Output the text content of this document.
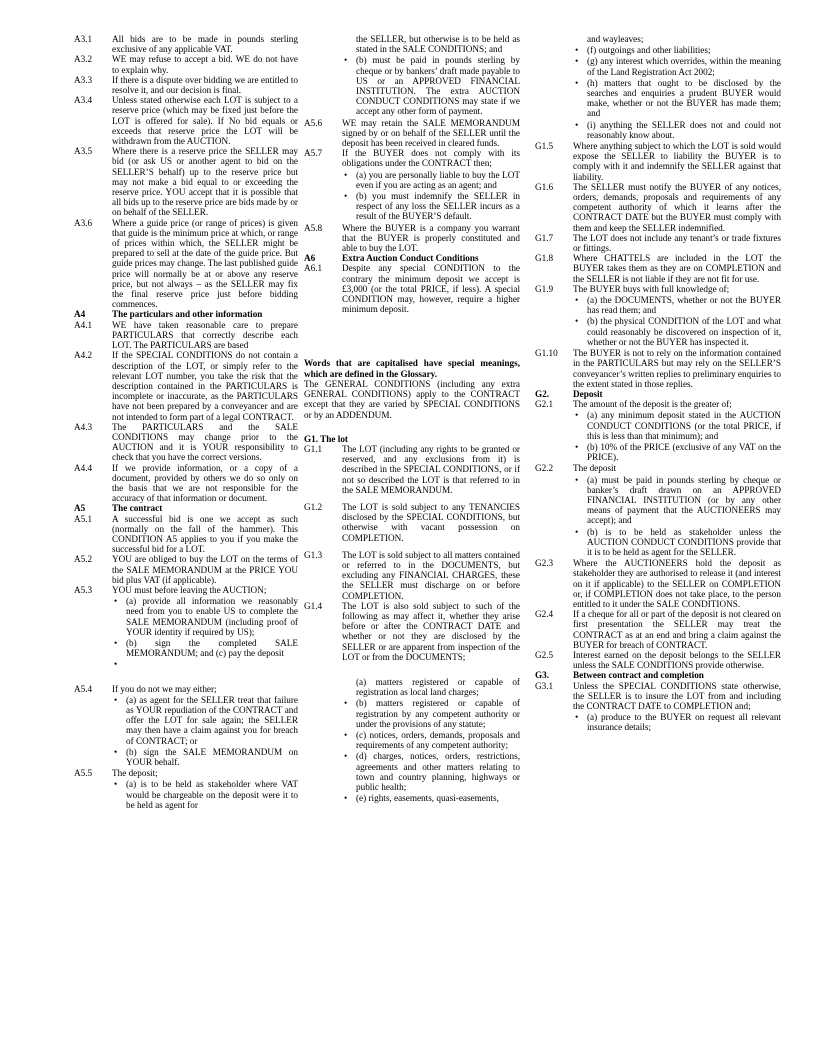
A3.1	All bids are to be made in pounds sterling exclusive of any applicable VAT.
A3.2	WE may refuse to accept a bid. WE do not have to explain why.
A3.3	If there is a dispute over bidding we are entitled to resolve it, and our decision is final.
A3.4	Unless stated otherwise each LOT is subject to a reserve price (which may be fixed just before the LOT is offered for sale). If No bid equals or exceeds that reserve price the LOT will be withdrawn from the AUCTION.
A3.5	Where there is a reserve price the SELLER may bid (or ask US or another agent to bid on the SELLER’S behalf) up to the reserve price but may not make a bid equal to or exceeding the reserve price. YOU accept that it is possible that all bids up to the reserve price are bids made by or on behalf of the SELLER.
A3.6	Where a guide price (or range of prices) is given that guide is the minimum price at which, or range of prices within which, the SELLER might be prepared to sell at the date of the guide price. But guide prices may change. The last published guide price will normally be at or above any reserve price, but not always – as the SELLER may fix the final reserve price just before bidding commences.
A4	The particulars and other information
A4.1	WE have taken reasonable care to prepare PARTICULARS that correctly describe each LOT. The PARTICULARS are based
A4.2	If the SPECIAL CONDITIONS do not contain a description of the LOT, or simply refer to the relevant LOT number, you take the risk that the description contained in the PARTICULARS is incomplete or inaccurate, as the PARTICULARS have not been prepared by a conveyancer and are not intended to form part of a legal CONTRACT.
A4.3	The PARTICULARS and the SALE CONDITIONS may change prior to the AUCTION and it is YOUR responsibility to check that you have the correct versions.
A4.4	If we provide information, or a copy of a document, provided by others we do so only on the basis that we are not responsible for the accuracy of that information or document.
A5	The contract
A5.1	A successful bid is one we accept as such (normally on the fall of the hammer). This CONDITION A5 applies to you if you make the successful bid for a LOT.
A5.2	YOU are obliged to buy the LOT on the terms of the SALE MEMORANDUM at the PRICE YOU bid plus VAT (if applicable).
A5.3	YOU must before leaving the AUCTION;
• (a) provide all information we reasonably need from you to enable US to complete the SALE MEMORANDUM (including proof of YOUR identity if required by US);
• (b) sign the completed SALE MEMORANDUM; and (c) pay the deposit
•
A5.4	If you do not we may either;
• (a) as agent for the SELLER treat that failure as YOUR repudiation of the CONTRACT and offer the LOT for sale again; the SELLER may then have a claim against you for breach of CONTRACT; or
• (b) sign the SALE MEMORANDUM on YOUR behalf.
A5.5	The deposit;
• (a) is to be held as stakeholder where VAT would be chargeable on the deposit were it to be held as agent for
the SELLER, but otherwise is to be held as stated in the SALE CONDITIONS; and
• (b) must be paid in pounds sterling by cheque or by bankers’ draft made payable to US or an APPROVED FINANCIAL INSTITUTION. The extra AUCTION CONDUCT CONDITIONS may state if we accept any other form of payment.
A5.6	WE may retain the SALE MEMORANDUM signed by or on behalf of the SELLER until the deposit has been received in cleared funds.
A5.7	If the BUYER does not comply with its obligations under the CONTRACT then;
• (a) you are personally liable to buy the LOT even if you are acting as an agent; and
• (b) you must indemnify the SELLER in respect of any loss the SELLER incurs as a result of the BUYER’S default.
A5.8	Where the BUYER is a company you warrant that the BUYER is properly constituted and able to buy the LOT.
A6	Extra Auction Conduct Conditions
A6.1	Despite any special CONDITION to the contrary the minimum deposit we accept is £3,000 (or the total PRICE, if less). A special CONDITION may, however, require a higher minimum deposit.
Words that are capitalised have special meanings, which are defined in the Glossary.
The GENERAL CONDITIONS (including any extra GENERAL CONDITIONS) apply to the CONTRACT except that they are varied by SPECIAL CONDITIONS or by an ADDENDUM.
G1. The lot
G1.1	The LOT (including any rights to be granted or reserved, and any exclusions from it) is described in the SPECIAL CONDITIONS, or if not so described the LOT is that referred to in the SALE MEMORANDUM.
G1.2	The LOT is sold subject to any TENANCIES disclosed by the SPECIAL CONDITIONS, but otherwise with vacant possession on COMPLETION.
G1.3	The LOT is sold subject to all matters contained or referred to in the DOCUMENTS, but excluding any FINANCIAL CHARGES, these the SELLER must discharge on or before COMPLETION.
G1.4	The LOT is also sold subject to such of the following as may affect it, whether they arise before or after the CONTRACT DATE and whether or not they are disclosed by the SELLER or are apparent from inspection of the LOT or from the DOCUMENTS;
(a) matters registered or capable of registration as local land charges;
• (b) matters registered or capable of registration by any competent authority or under the provisions of any statute;
• (c) notices, orders, demands, proposals and requirements of any competent authority;
• (d) charges, notices, orders, restrictions, agreements and other matters relating to town and country planning, highways or public health;
• (e) rights, easements, quasi-easements,
and wayleaves;
• (f) outgoings and other liabilities;
• (g) any interest which overrides, within the meaning of the Land Registration Act 2002;
• (h) matters that ought to be disclosed by the searches and enquiries a prudent BUYER would make, whether or not the BUYER has made them; and
• (i) anything the SELLER does not and could not reasonably know about.
G1.5	Where anything subject to which the LOT is sold would expose the SELLER to liability the BUYER is to comply with it and indemnify the SELLER against that liability.
G1.6	The SELLER must notify the BUYER of any notices, orders, demands, proposals and requirements of any competent authority of which it learns after the CONTRACT DATE but the BUYER must comply with them and keep the SELLER indemnified.
G1.7	The LOT does not include any tenant’s or trade fixtures or fittings.
G1.8	Where CHATTELS are included in the LOT the BUYER takes them as they are on COMPLETION and the SELLER is not liable if they are not fit for use.
G1.9	The BUYER buys with full knowledge of;
• (a) the DOCUMENTS, whether or not the BUYER has read them; and
• (b) the physical CONDITION of the LOT and what could reasonably be discovered on inspection of it, whether or not the BUYER has inspected it.
G1.10	The BUYER is not to rely on the information contained in the PARTICULARS but may rely on the SELLER’S conveyancer’s written replies to preliminary enquiries to the extent stated in those replies.
G2.	Deposit
G2.1	The amount of the deposit is the greater of;
• (a) any minimum deposit stated in the AUCTION CONDUCT CONDITIONS (or the total PRICE, if this is less than that minimum); and
• (b) 10% of the PRICE (exclusive of any VAT on the PRICE).
G2.2	The deposit
• (a) must be paid in pounds sterling by cheque or banker’s draft drawn on an APPROVED FINANCIAL INSTITUTION (or by any other means of payment that the AUCTIONEERS may accept); and
• (b) is to be held as stakeholder unless the AUCTION CONDUCT CONDITIONS provide that it is to be held as agent for the SELLER.
G2.3	Where the AUCTIONEERS hold the deposit as stakeholder they are authorised to release it (and interest on it if applicable) to the SELLER on COMPLETION or, if COMPLETION does not take place, to the person entitled to it under the SALE CONDITIONS.
G2.4	If a cheque for all or part of the deposit is not cleared on first presentation the SELLER may treat the CONTRACT as at an end and bring a claim against the BUYER for breach of CONTRACT.
G2.5	Interest earned on the deposit belongs to the SELLER unless the SALE CONDITIONS provide otherwise.
G3.	Between contract and completion
G3.1	Unless the SPECIAL CONDITIONS state otherwise, the SELLER is to insure the LOT from and including the CONTRACT DATE to COMPLETION and;
• (a) produce to the BUYER on request all relevant insurance details;
